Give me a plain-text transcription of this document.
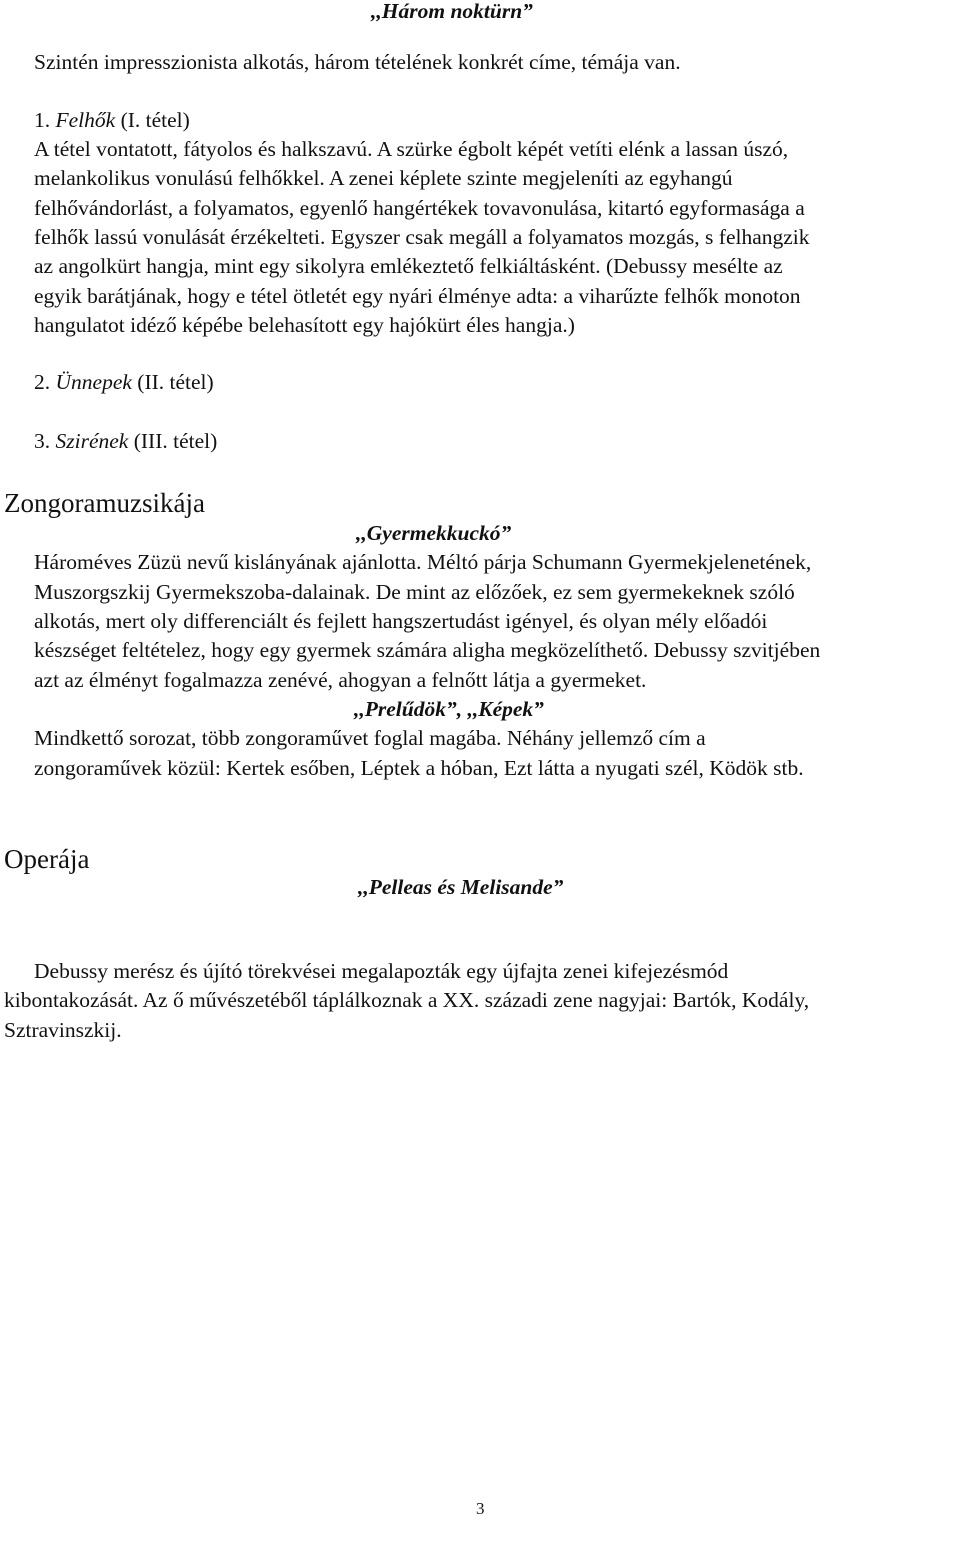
,,Három noktürn”
Szintén impresszionista alkotás, három tételének konkrét címe, témája van.
1. Felhők (I. tétel)
A tétel vontatott, fátyolos és halkszavú. A szürke égbolt képét vetíti elénk a lassan úszó,
melankolikus vonulású felhőkkel. A zenei képlete szinte megjeleníti az egyhangú
felhővándorlást, a folyamatos, egyenlő hangértékek tovavonulása, kitartó egyformasága a
felhők lassú vonulását érzékelteti. Egyszer csak megáll a folyamatos mozgás, s felhangzik
az angolkürt hangja, mint egy sikolyra emlékeztető felkiáltásként. (Debussy mesélte az
egyik barátjának, hogy e tétel ötletét egy nyári élménye adta: a viharűzte felhők monoton
hangulatot idéző képébe belehasított egy hajókürt éles hangja.)
2. Ünnepek (II. tétel)
3. Szirének (III. tétel)
Zongoramuzsikája
,,Gyermekkuckó”
Hároméves Züzü nevű kislányának ajánlotta. Méltó párja Schumann Gyermekjelenetének,
Muszorgszkij Gyermekszoba-dalainak. De mint az előzőek, ez sem gyermekeknek szóló
alkotás, mert oly differenciált és fejlett hangszertudást igényel, és olyan mély előadói
készséget feltételez, hogy egy gyermek számára aligha megközelíthető. Debussy szvitjében
azt az élményt fogalmazza zenévé, ahogyan a felnőtt látja a gyermeket.
,,Prelűdök”, ,,Képek”
Mindkettő sorozat, több zongoraművet foglal magába. Néhány jellemző cím a
zongoraművek közül: Kertek esőben, Léptek a hóban, Ezt látta a nyugati szél, Ködök stb.
Operája
,,Pelleas és Melisande”
Debussy merész és újító törekvései megalapozták egy újfajta zenei kifejezésmód
kibontakozását. Az ő művészetéből táplálkoznak a XX. századi zene nagyjai: Bartók, Kodály,
Sztravinszkij.
3
